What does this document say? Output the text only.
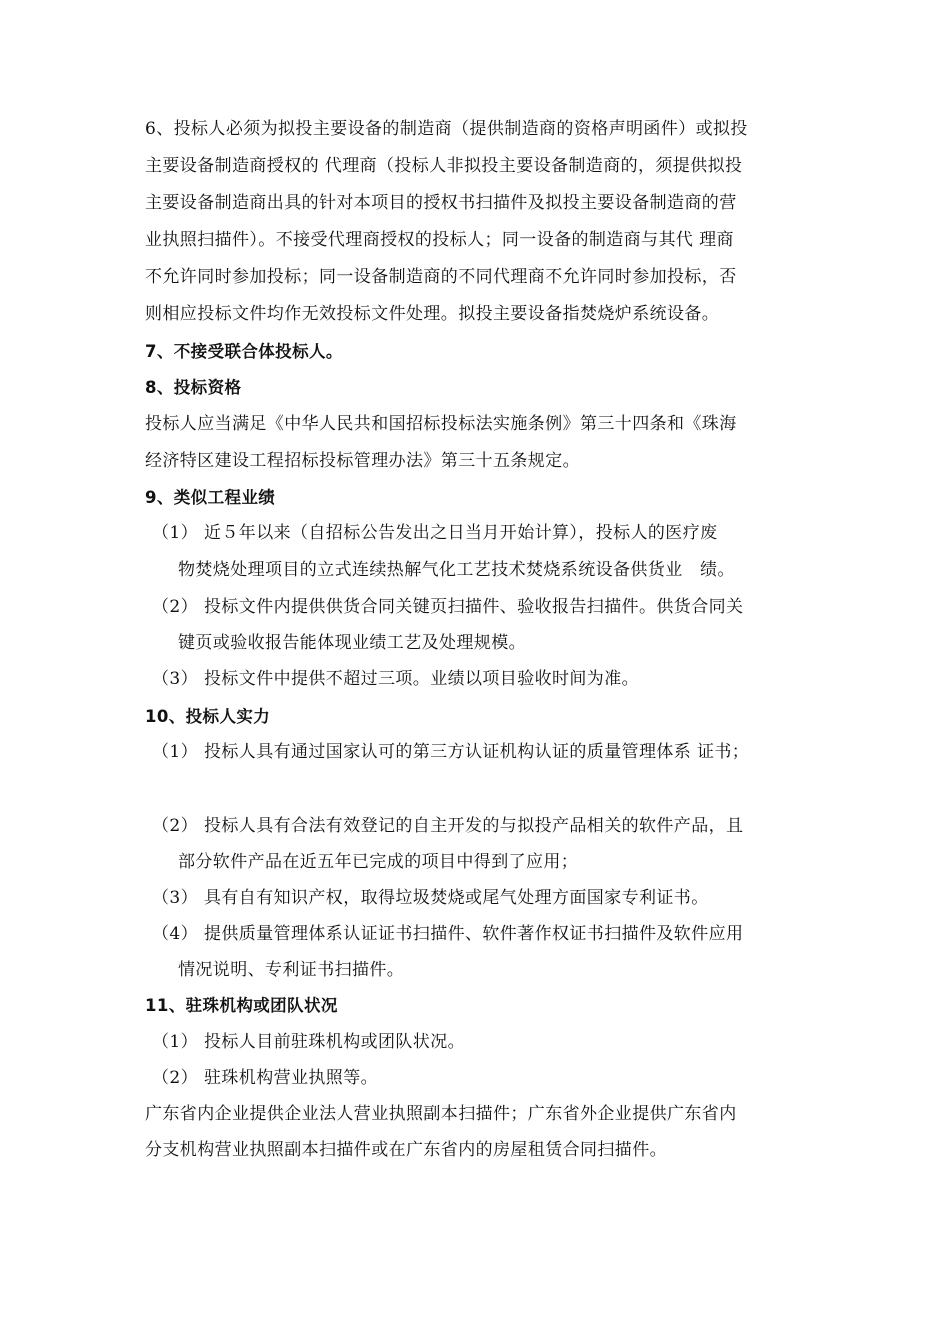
6、投标人必须为拟投主要设备的制造商（提供制造商的资格声明函件）或拟投
主要设备制造商授权的 代理商（投标人非拟投主要设备制造商的，须提供拟投
主要设备制造商出具的针对本项目的授权书扫描件及拟投主要设备制造商的营
业执照扫描件）。不接受代理商授权的投标人；同一设备的制造商与其代 理商
不允许同时参加投标；同一设备制造商的不同代理商不允许同时参加投标，否
则相应投标文件均作无效投标文件处理。拟投主要设备指焚烧炉系统设备。
7、不接受联合体投标人。
8、投标资格
投标人应当满足《中华人民共和国招标投标法实施条例》第三十四条和《珠海
经济特区建设工程招标投标管理办法》第三十五条规定。
9、类似工程业绩
（1） 近５年以来（自招标公告发出之日当月开始计算），投标人的医疗废
物焚烧处理项目的立式连续热解气化工艺技术焚烧系统设备供货业　绩。
（2） 投标文件内提供供货合同关键页扫描件、验收报告扫描件。供货合同关
键页或验收报告能体现业绩工艺及处理规模。
（3） 投标文件中提供不超过三项。业绩以项目验收时间为准。
10、投标人实力
（1） 投标人具有通过国家认可的第三方认证机构认证的质量管理体系 证书；
（2） 投标人具有合法有效登记的自主开发的与拟投产品相关的软件产品，且
部分软件产品在近五年已完成的项目中得到了应用；
（3） 具有自有知识产权，取得垃圾焚烧或尾气处理方面国家专利证书。
（4） 提供质量管理体系认证证书扫描件、软件著作权证书扫描件及软件应用
情况说明、专利证书扫描件。
11、驻珠机构或团队状况
（1） 投标人目前驻珠机构或团队状况。
（2） 驻珠机构营业执照等。
广东省内企业提供企业法人营业执照副本扫描件；广东省外企业提供广东省内
分支机构营业执照副本扫描件或在广东省内的房屋租赁合同扫描件。
